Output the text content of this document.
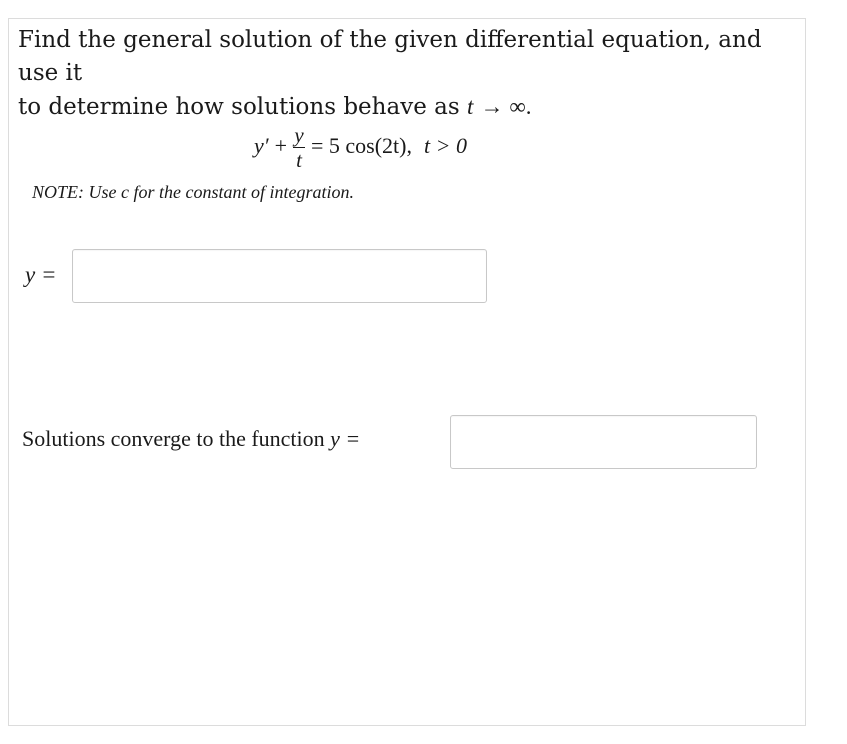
Find the general solution of the given differential equation, and use it
to determine how solutions behave as t → ∞.
$y' + \frac{y}{t} = 5$ cos(2t), t > 0
NOTE: Use c for the constant of integration.
y =
Solutions converge to the function y =
